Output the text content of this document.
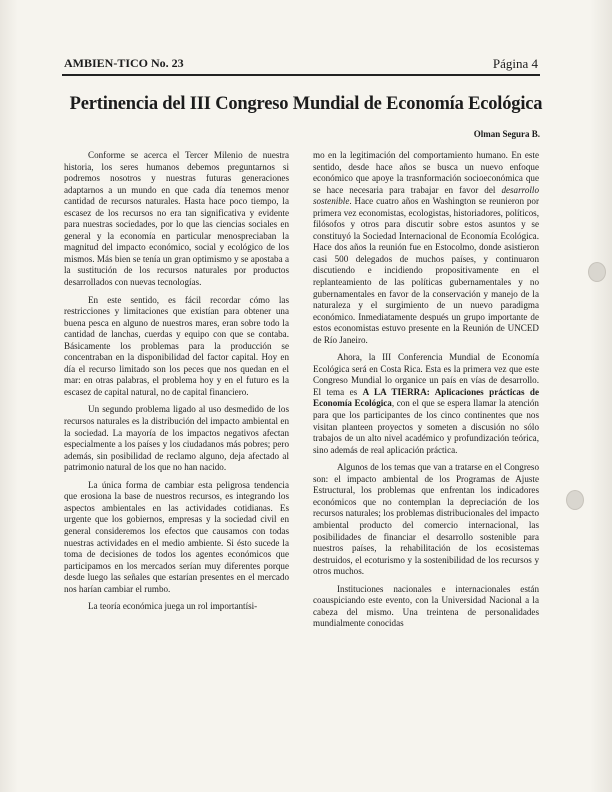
AMBIEN-TICO No. 23	Página 4
Pertinencia del III Congreso Mundial de Economía Ecológica
Olman Segura B.

Conforme se acerca el Tercer Milenio de nuestra historia, los seres humanos debemos preguntarnos si podremos nosotros y nuestras futuras generaciones adaptarnos a un mundo en que cada día tenemos menor cantidad de recursos naturales. Hasta hace poco tiempo, la escasez de los recursos no era tan significativa y evidente para nuestras sociedades, por lo que las ciencias sociales en general y la economía en particular menospreciaban la magnitud del impacto económico, social y ecológico de los mismos. Más bien se tenía un gran optimismo y se apostaba a la sustitución de los recursos naturales por productos desarrollados con nuevas tecnologías.

En este sentido, es fácil recordar cómo las restricciones y limitaciones que existían para obtener una buena pesca en alguno de nuestros mares, eran sobre todo la cantidad de lanchas, cuerdas y equipo con que se contaba. Básicamente los problemas para la producción se concentraban en la disponibilidad del factor capital. Hoy en día el recurso limitado son los peces que nos quedan en el mar: en otras palabras, el problema hoy y en el futuro es la escasez de capital natural, no de capital financiero.

Un segundo problema ligado al uso desmedido de los recursos naturales es la distribución del impacto ambiental en la sociedad. La mayoría de los impactos negativos afectan especialmente a los países y los ciudadanos más pobres; pero además, sin posibilidad de reclamo alguno, deja afectado al patrimonio natural de los que no han nacido.

La única forma de cambiar esta peligrosa tendencia que erosiona la base de nuestros recursos, es integrando los aspectos ambientales en las actividades cotidianas. Es urgente que los gobiernos, empresas y la sociedad civil en general consideremos los efectos que causamos con todas nuestras actividades en el medio ambiente. Si ésto sucede la toma de decisiones de todos los agentes económicos que participamos en los mercados serían muy diferentes porque desde luego las señales que estarían presentes en el mercado nos harían cambiar el rumbo.

La teoría económica juega un rol importantísi-

mo en la legitimación del comportamiento humano. En este sentido, desde hace años se busca un nuevo enfoque económico que apoye la trasnformación socioeconómica que se hace necesaria para trabajar en favor del desarrollo sostenible. Hace cuatro años en Washington se reunieron por primera vez economistas, ecologistas, historiadores, políticos, filósofos y otros para discutir sobre estos asuntos y se constituyó la Sociedad Internacional de Economía Ecológica. Hace dos años la reunión fue en Estocolmo, donde asistieron casi 500 delegados de muchos países, y continuaron discutiendo e incidiendo propositivamente en el replanteamiento de las políticas gubernamentales y no gubernamentales en favor de la conservación y manejo de la naturaleza y el surgimiento de un nuevo paradigma económico. Inmediatamente después un grupo importante de estos economistas estuvo presente en la Reunión de UNCED de Río Janeiro.

Ahora, la III Conferencia Mundial de Economía Ecológica será en Costa Rica. Esta es la primera vez que este Congreso Mundial lo organice un país en vías de desarrollo. El tema es A LA TIERRA: Aplicaciones prácticas de Economía Ecológica, con el que se espera llamar la atención para que los participantes de los cinco continentes que nos visitan planteen proyectos y someten a discusión no sólo trabajos de un alto nivel académico y profundización teórica, sino además de real aplicación práctica.

Algunos de los temas que van a tratarse en el Congreso son: el impacto ambiental de los Programas de Ajuste Estructural, los problemas que enfrentan los indicadores económicos que no contemplan la depreciación de los recursos naturales; los problemas distribucionales del impacto ambiental producto del comercio internacional, las posibilidades de financiar el desarrollo sostenible para nuestros países, la rehabilitación de los ecosistemas destruidos, el ecoturismo y la sostenibilidad de los recursos y otros muchos.

Instituciones nacionales e internacionales están coauspiciando este evento, con la Universidad Nacional a la cabeza del mismo. Una treintena de personalidades mundialmente conocidas
